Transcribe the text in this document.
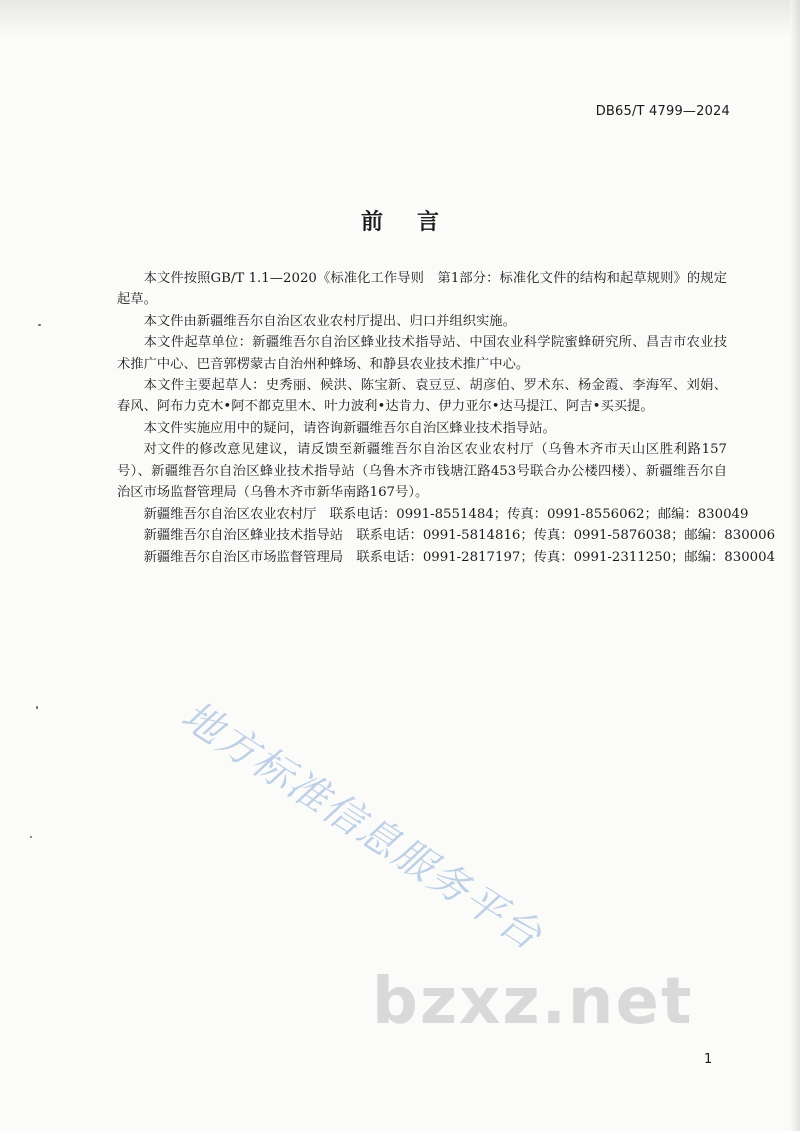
DB65/T 4799—2024
前言

本文件按照GB/T 1.1—2020《标准化工作导则　第1部分：标准化文件的结构和起草规则》的规定起草。

本文件由新疆维吾尔自治区农业农村厅提出、归口并组织实施。

本文件起草单位：新疆维吾尔自治区蜂业技术指导站、中国农业科学院蜜蜂研究所、昌吉市农业技术推广中心、巴音郭楞蒙古自治州种蜂场、和静县农业技术推广中心。

本文件主要起草人：史秀丽、候洪、陈宝新、袁豆豆、胡彦伯、罗术东、杨金霞、李海军、刘娟、春风、阿布力克木•阿不都克里木、叶力波利•达肯力、伊力亚尔•达马提江、阿吉•买买提。

本文件实施应用中的疑问，请咨询新疆维吾尔自治区蜂业技术指导站。

对文件的修改意见建议，请反馈至新疆维吾尔自治区农业农村厅（乌鲁木齐市天山区胜利路157号）、新疆维吾尔自治区蜂业技术指导站（乌鲁木齐市钱塘江路453号联合办公楼四楼）、新疆维吾尔自治区市场监督管理局（乌鲁木齐市新华南路167号）。

新疆维吾尔自治区农业农村厅　联系电话：0991-8551484；传真：0991-8556062；邮编：830049
新疆维吾尔自治区蜂业技术指导站　联系电话：0991-5814816；传真：0991-5876038；邮编：830006
新疆维吾尔自治区市场监督管理局　联系电话：0991-2817197；传真：0991-2311250；邮编：830004
地方标准信息服务平台
bzxz.net
1
